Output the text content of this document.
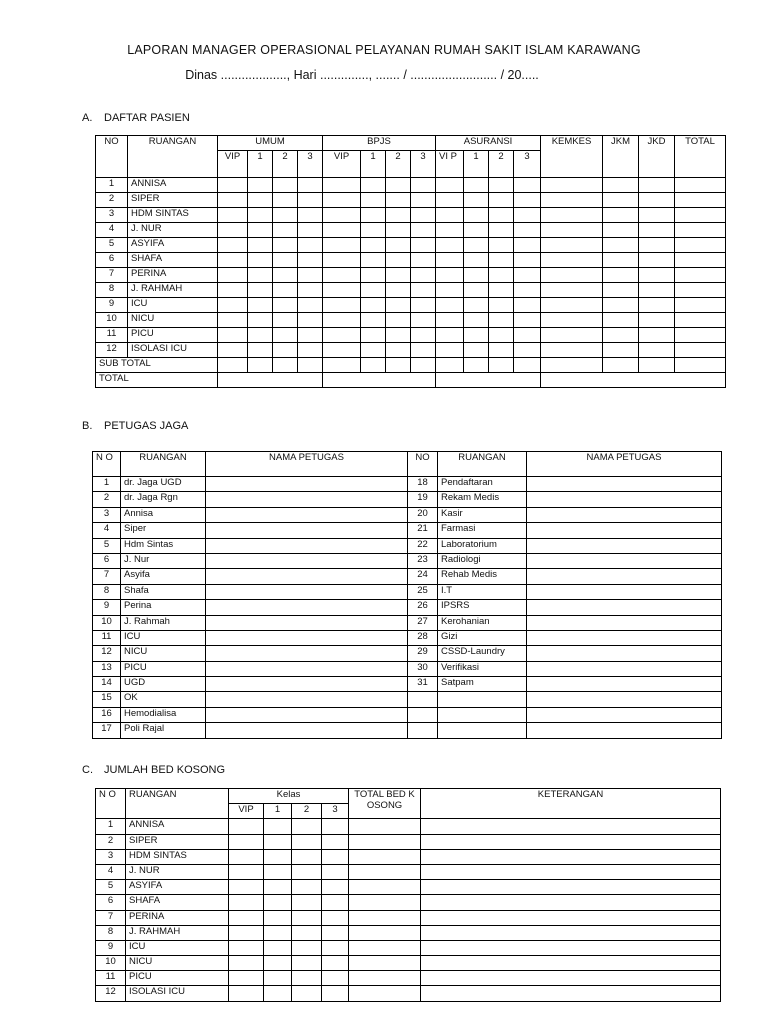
LAPORAN MANAGER OPERASIONAL PELAYANAN RUMAH SAKIT ISLAM KARAWANG
Dinas ..................., Hari .............., ....... / ......................... / 20.....
A. DAFTAR PASIEN
NO	RUANGAN	UMUM				BPJS				ASURANSI				KEMKES	JKM	JKD	TOTAL
		VIP	1	2	3	VIP	1	2	3	VI P	1	2	3				
1	ANNISA																
2	SIPER																
3	HDM SINTAS																
4	J. NUR																
5	ASYIFA																
6	SHAFA																
7	PERINA																
8	J. RAHMAH																
9	ICU																
10	NICU																
11	PICU																
12	ISOLASI ICU																
SUB TOTAL																	
TOTAL																	
B. PETUGAS JAGA
N O	RUANGAN	NAMA PETUGAS	NO	RUANGAN	NAMA PETUGAS
1	dr. Jaga UGD		18	Pendaftaran	
2	dr. Jaga Rgn		19	Rekam Medis	
3	Annisa		20	Kasir	
4	Siper		21	Farmasi	
5	Hdm Sintas		22	Laboratorium	
6	J. Nur		23	Radiologi	
7	Asyifa		24	Rehab Medis	
8	Shafa		25	I.T	
9	Perina		26	IPSRS	
10	J. Rahmah		27	Kerohanian	
11	ICU		28	Gizi	
12	NICU		29	CSSD-Laundry	
13	PICU		30	Verifikasi	
14	UGD		31	Satpam	
15	OK				
16	Hemodialisa				
17	Poli Rajal				
C. JUMLAH BED KOSONG
N O	RUANGAN	Kelas				TOTAL BED KOSONG	KETERANGAN
		VIP	1	2	3		
1	ANNISA						
2	SIPER						
3	HDM SINTAS						
4	J. NUR						
5	ASYIFA						
6	SHAFA						
7	PERINA						
8	J. RAHMAH						
9	ICU						
10	NICU						
11	PICU						
12	ISOLASI ICU						
